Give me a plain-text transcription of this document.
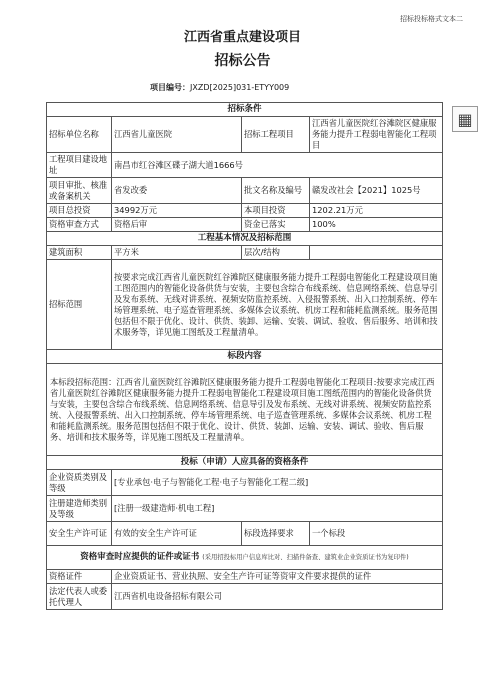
招标投标格式文本二
江西省重点建设项目
招标公告
项目编号：JXZD[2025]031-ETYY009
▦
招标条件			
招标单位名称	江西省儿童医院	招标工程项目	江西省儿童医院红谷滩院区健康服务能力提升工程弱电智能化工程项目
工程项目建设地址	南昌市红谷滩区碟子湖大道1666号		
项目审批、核准或备案机关	省发改委	批文名称及编号	赣发改社会【2021】1025号
项目总投资	34992万元	本项目投资	1202.21万元
资格审查方式	资格后审	资金已落实	100%
工程基本情况及招标范围			
建筑面积	平方米	层次/结构	
招标范围	按要求完成江西省儿童医院红谷滩院区健康服务能力提升工程弱电智能化工程建设项目施工图范围内的智能化设备供货与安装，主要包含综合布线系统、信息网络系统、信息导引及发布系统、无线对讲系统、视频安防监控系统、入侵报警系统、出入口控制系统、停车场管理系统、电子巡查管理系统、多媒体会议系统、机房工程和能耗监测系统。服务范围包括但不限于优化、设计、供货、装卸、运输、安装、调试、验收、售后服务、培训和技术服务等，详见施工图纸及工程量清单。		
标段内容			
本标段招标范围：江西省儿童医院红谷滩院区健康服务能力提升工程弱电智能化工程项目:按要求完成江西省儿童医院红谷滩院区健康服务能力提升工程弱电智能化工程建设项目施工图纸范围内的智能化设备供货与安装，主要包含综合布线系统、信息网络系统、信息导引及发布系统、无线对讲系统、视频安防监控系统、入侵报警系统、出入口控制系统、停车场管理系统、电子巡查管理系统、多媒体会议系统、机房工程和能耗监测系统。服务范围包括但不限于优化、设计、供货、装卸、运输、安装、调试、验收、售后服务、培训和技术服务等，详见施工图纸及工程量清单。			
投标（申请）人应具备的资格条件			
企业资质类别及等级	[专业承包·电子与智能化工程·电子与智能化工程二级]		
注册建造师类别及等级	[注册一级建造师·机电工程]		
安全生产许可证	有效的安全生产许可证	标段选择要求	一个标段
资格审查时应提供的证件或证书 (采用招投标用户信息库比对、扫描件备查、建筑业企业资质证书为复印件)			
资格证件	企业资质证书、营业执照、安全生产许可证等资审文件要求提供的证件		
法定代表人或委托代理人	江西省机电设备招标有限公司		
